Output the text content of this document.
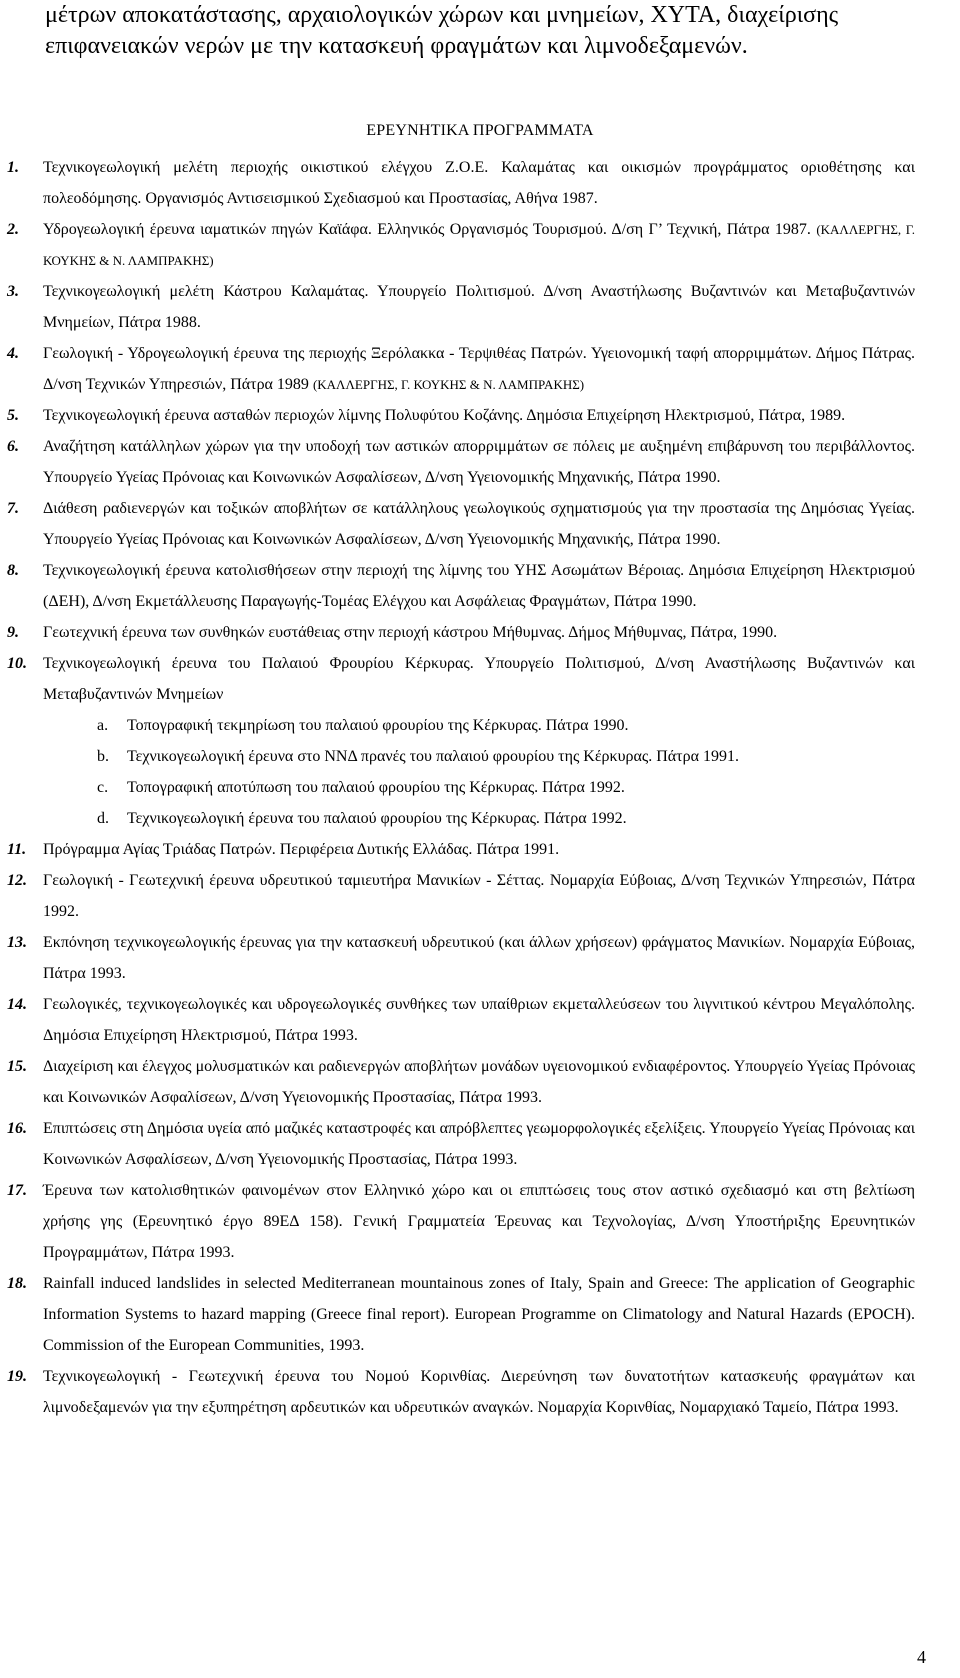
μέτρων αποκατάστασης, αρχαιολογικών χώρων και μνημείων, ΧΥΤΑ, διαχείρισης επιφανειακών νερών με την κατασκευή φραγμάτων και λιμνοδεξαμενών.
ΕΡΕΥΝΗΤΙΚΑ ΠΡΟΓΡΑΜΜΑΤΑ
1. Τεχνικογεωλογική μελέτη περιοχής οικιστικού ελέγχου Ζ.Ο.Ε. Καλαμάτας και οικισμών προγράμματος οριοθέτησης και πολεοδόμησης. Οργανισμός Αντισεισμικού Σχεδιασμού και Προστασίας, Αθήνα 1987.
2. Υδρογεωλογική έρευνα ιαματικών πηγών Καϊάφα. Ελληνικός Οργανισμός Τουρισμού. Δ/ση Γ’ Τεχνική, Πάτρα 1987. (ΚΑΛΛΕΡΓΗΣ, Γ. ΚΟΥΚΗΣ & Ν. ΛΑΜΠΡΑΚΗΣ)
3. Τεχνικογεωλογική μελέτη Κάστρου Καλαμάτας. Υπουργείο Πολιτισμού. Δ/νση Αναστήλωσης Βυζαντινών και Μεταβυζαντινών Μνημείων, Πάτρα 1988.
4. Γεωλογική - Υδρογεωλογική έρευνα της περιοχής Ξερόλακκα - Τερψιθέας Πατρών. Υγειονομική ταφή απορριμμάτων. Δήμος Πάτρας. Δ/νση Τεχνικών Υπηρεσιών, Πάτρα 1989 (ΚΑΛΛΕΡΓΗΣ, Γ. ΚΟΥΚΗΣ & Ν. ΛΑΜΠΡΑΚΗΣ)
5. Τεχνικογεωλογική έρευνα ασταθών περιοχών λίμνης Πολυφύτου Κοζάνης. Δημόσια Επιχείρηση Ηλεκτρισμού, Πάτρα, 1989.
6. Αναζήτηση κατάλληλων χώρων για την υποδοχή των αστικών απορριμμάτων σε πόλεις με αυξημένη επιβάρυνση του περιβάλλοντος. Υπουργείο Υγείας Πρόνοιας και Κοινωνικών Ασφαλίσεων, Δ/νση Υγειονομικής Μηχανικής, Πάτρα 1990.
7. Διάθεση ραδιενεργών και τοξικών αποβλήτων σε κατάλληλους γεωλογικούς σχηματισμούς για την προστασία της Δημόσιας Υγείας. Υπουργείο Υγείας Πρόνοιας και Κοινωνικών Ασφαλίσεων, Δ/νση Υγειονομικής Μηχανικής, Πάτρα 1990.
8. Τεχνικογεωλογική έρευνα κατολισθήσεων στην περιοχή της λίμνης του ΥΗΣ Ασωμάτων Βέροιας. Δημόσια Επιχείρηση Ηλεκτρισμού (ΔΕΗ), Δ/νση Εκμετάλλευσης Παραγωγής-Τομέας Ελέγχου και Ασφάλειας Φραγμάτων, Πάτρα 1990.
9. Γεωτεχνική έρευνα των συνθηκών ευστάθειας στην περιοχή κάστρου Μήθυμνας. Δήμος Μήθυμνας, Πάτρα, 1990.
10. Τεχνικογεωλογική έρευνα του Παλαιού Φρουρίου Κέρκυρας. Υπουργείο Πολιτισμού, Δ/νση Αναστήλωσης Βυζαντινών και Μεταβυζαντινών Μνημείων
a. Τοπογραφική τεκμηρίωση του παλαιού φρουρίου της Κέρκυρας. Πάτρα 1990.
b. Τεχνικογεωλογική έρευνα στο ΝΝΔ πρανές του παλαιού φρουρίου της Κέρκυρας. Πάτρα 1991.
c. Τοπογραφική αποτύπωση του παλαιού φρουρίου της Κέρκυρας. Πάτρα 1992.
d. Τεχνικογεωλογική έρευνα του παλαιού φρουρίου της Κέρκυρας. Πάτρα 1992.
11. Πρόγραμμα Αγίας Τριάδας Πατρών. Περιφέρεια Δυτικής Ελλάδας. Πάτρα 1991.
12. Γεωλογική - Γεωτεχνική έρευνα υδρευτικού ταμιευτήρα Μανικίων - Σέττας. Νομαρχία Εύβοιας, Δ/νση Τεχνικών Υπηρεσιών, Πάτρα 1992.
13. Εκπόνηση τεχνικογεωλογικής έρευνας για την κατασκευή υδρευτικού (και άλλων χρήσεων) φράγματος Μανικίων. Νομαρχία Εύβοιας, Πάτρα 1993.
14. Γεωλογικές, τεχνικογεωλογικές και υδρογεωλογικές συνθήκες των υπαίθριων εκμεταλλεύσεων του λιγνιτικού κέντρου Μεγαλόπολης. Δημόσια Επιχείρηση Ηλεκτρισμού, Πάτρα 1993.
15. Διαχείριση και έλεγχος μολυσματικών και ραδιενεργών αποβλήτων μονάδων υγειονομικού ενδιαφέροντος. Υπουργείο Υγείας Πρόνοιας και Κοινωνικών Ασφαλίσεων, Δ/νση Υγειονομικής Προστασίας, Πάτρα 1993.
16. Επιπτώσεις στη Δημόσια υγεία από μαζικές καταστροφές και απρόβλεπτες γεωμορφολογικές εξελίξεις. Υπουργείο Υγείας Πρόνοιας και Κοινωνικών Ασφαλίσεων, Δ/νση Υγειονομικής Προστασίας, Πάτρα 1993.
17. Έρευνα των κατολισθητικών φαινομένων στον Ελληνικό χώρο και οι επιπτώσεις τους στον αστικό σχεδιασμό και στη βελτίωση χρήσης γης (Ερευνητικό έργο 89ΕΔ 158). Γενική Γραμματεία Έρευνας και Τεχνολογίας, Δ/νση Υποστήριξης Ερευνητικών Προγραμμάτων, Πάτρα 1993.
18. Rainfall induced landslides in selected Mediterranean mountainous zones of Italy, Spain and Greece: The application of Geographic Information Systems to hazard mapping (Greece final report). European Programme on Climatology and Natural Hazards (EPOCH). Commission of the European Communities, 1993.
19. Τεχνικογεωλογική - Γεωτεχνική έρευνα του Νομού Κορινθίας. Διερεύνηση των δυνατοτήτων κατασκευής φραγμάτων και λιμνοδεξαμενών για την εξυπηρέτηση αρδευτικών και υδρευτικών αναγκών. Νομαρχία Κορινθίας, Νομαρχιακό Ταμείο, Πάτρα 1993.
4
